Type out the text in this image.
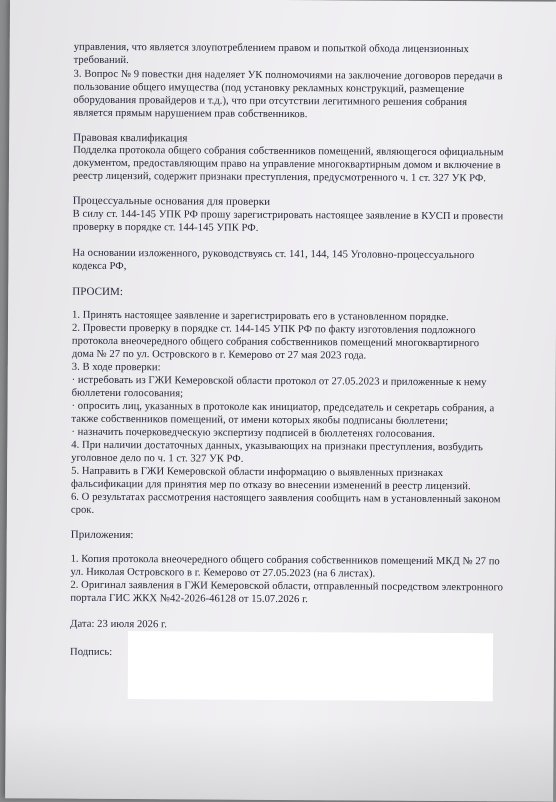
управления, что является злоупотреблением правом и попыткой обхода лицензионных

требований.

3. Вопрос № 9 повестки дня наделяет УК полномочиями на заключение договоров передачи в

пользование общего имущества (под установку рекламных конструкций, размещение

оборудования провайдеров и т.д.), что при отсутствии легитимного решения собрания

является прямым нарушением прав собственников.

Правовая квалификация

Подделка протокола общего собрания собственников помещений, являющегося официальным

документом, предоставляющим право на управление многоквартирным домом и включение в

реестр лицензий, содержит признаки преступления, предусмотренного ч. 1 ст. 327 УК РФ.

Процессуальные основания для проверки

В силу ст. 144-145 УПК РФ прошу зарегистрировать настоящее заявление в КУСП и провести

проверку в порядке ст. 144-145 УПК РФ.

На основании изложенного, руководствуясь ст. 141, 144, 145 Уголовно-процессуального

кодекса РФ,

ПРОСИМ:

1. Принять настоящее заявление и зарегистрировать его в установленном порядке.

2. Провести проверку в порядке ст. 144-145 УПК РФ по факту изготовления подложного

протокола внеочередного общего собрания собственников помещений многоквартирного

дома № 27 по ул. Островского в г. Кемерово от 27 мая 2023 года.

3. В ходе проверки:

· истребовать из ГЖИ Кемеровской области протокол от 27.05.2023 и приложенные к нему

бюллетени голосования;

· опросить лиц, указанных в протоколе как инициатор, председатель и секретарь собрания, а

также собственников помещений, от имени которых якобы подписаны бюллетени;

· назначить почерковедческую экспертизу подписей в бюллетенях голосования.

4. При наличии достаточных данных, указывающих на признаки преступления, возбудить

уголовное дело по ч. 1 ст. 327 УК РФ.

5. Направить в ГЖИ Кемеровской области информацию о выявленных признаках

фальсификации для принятия мер по отказу во внесении изменений в реестр лицензий.

6. О результатах рассмотрения настоящего заявления сообщить нам в установленный законом

срок.

Приложения:

1. Копия протокола внеочередного общего собрания собственников помещений МКД № 27 по

ул. Николая Островского в г. Кемерово от 27.05.2023 (на 6 листах).

2. Оригинал заявления в ГЖИ Кемеровской области, отправленный посредством электронного

портала ГИС ЖКХ №42-2026-46128 от 15.07.2026 г.

Дата: 23 июля 2026 г.

Подпись:
